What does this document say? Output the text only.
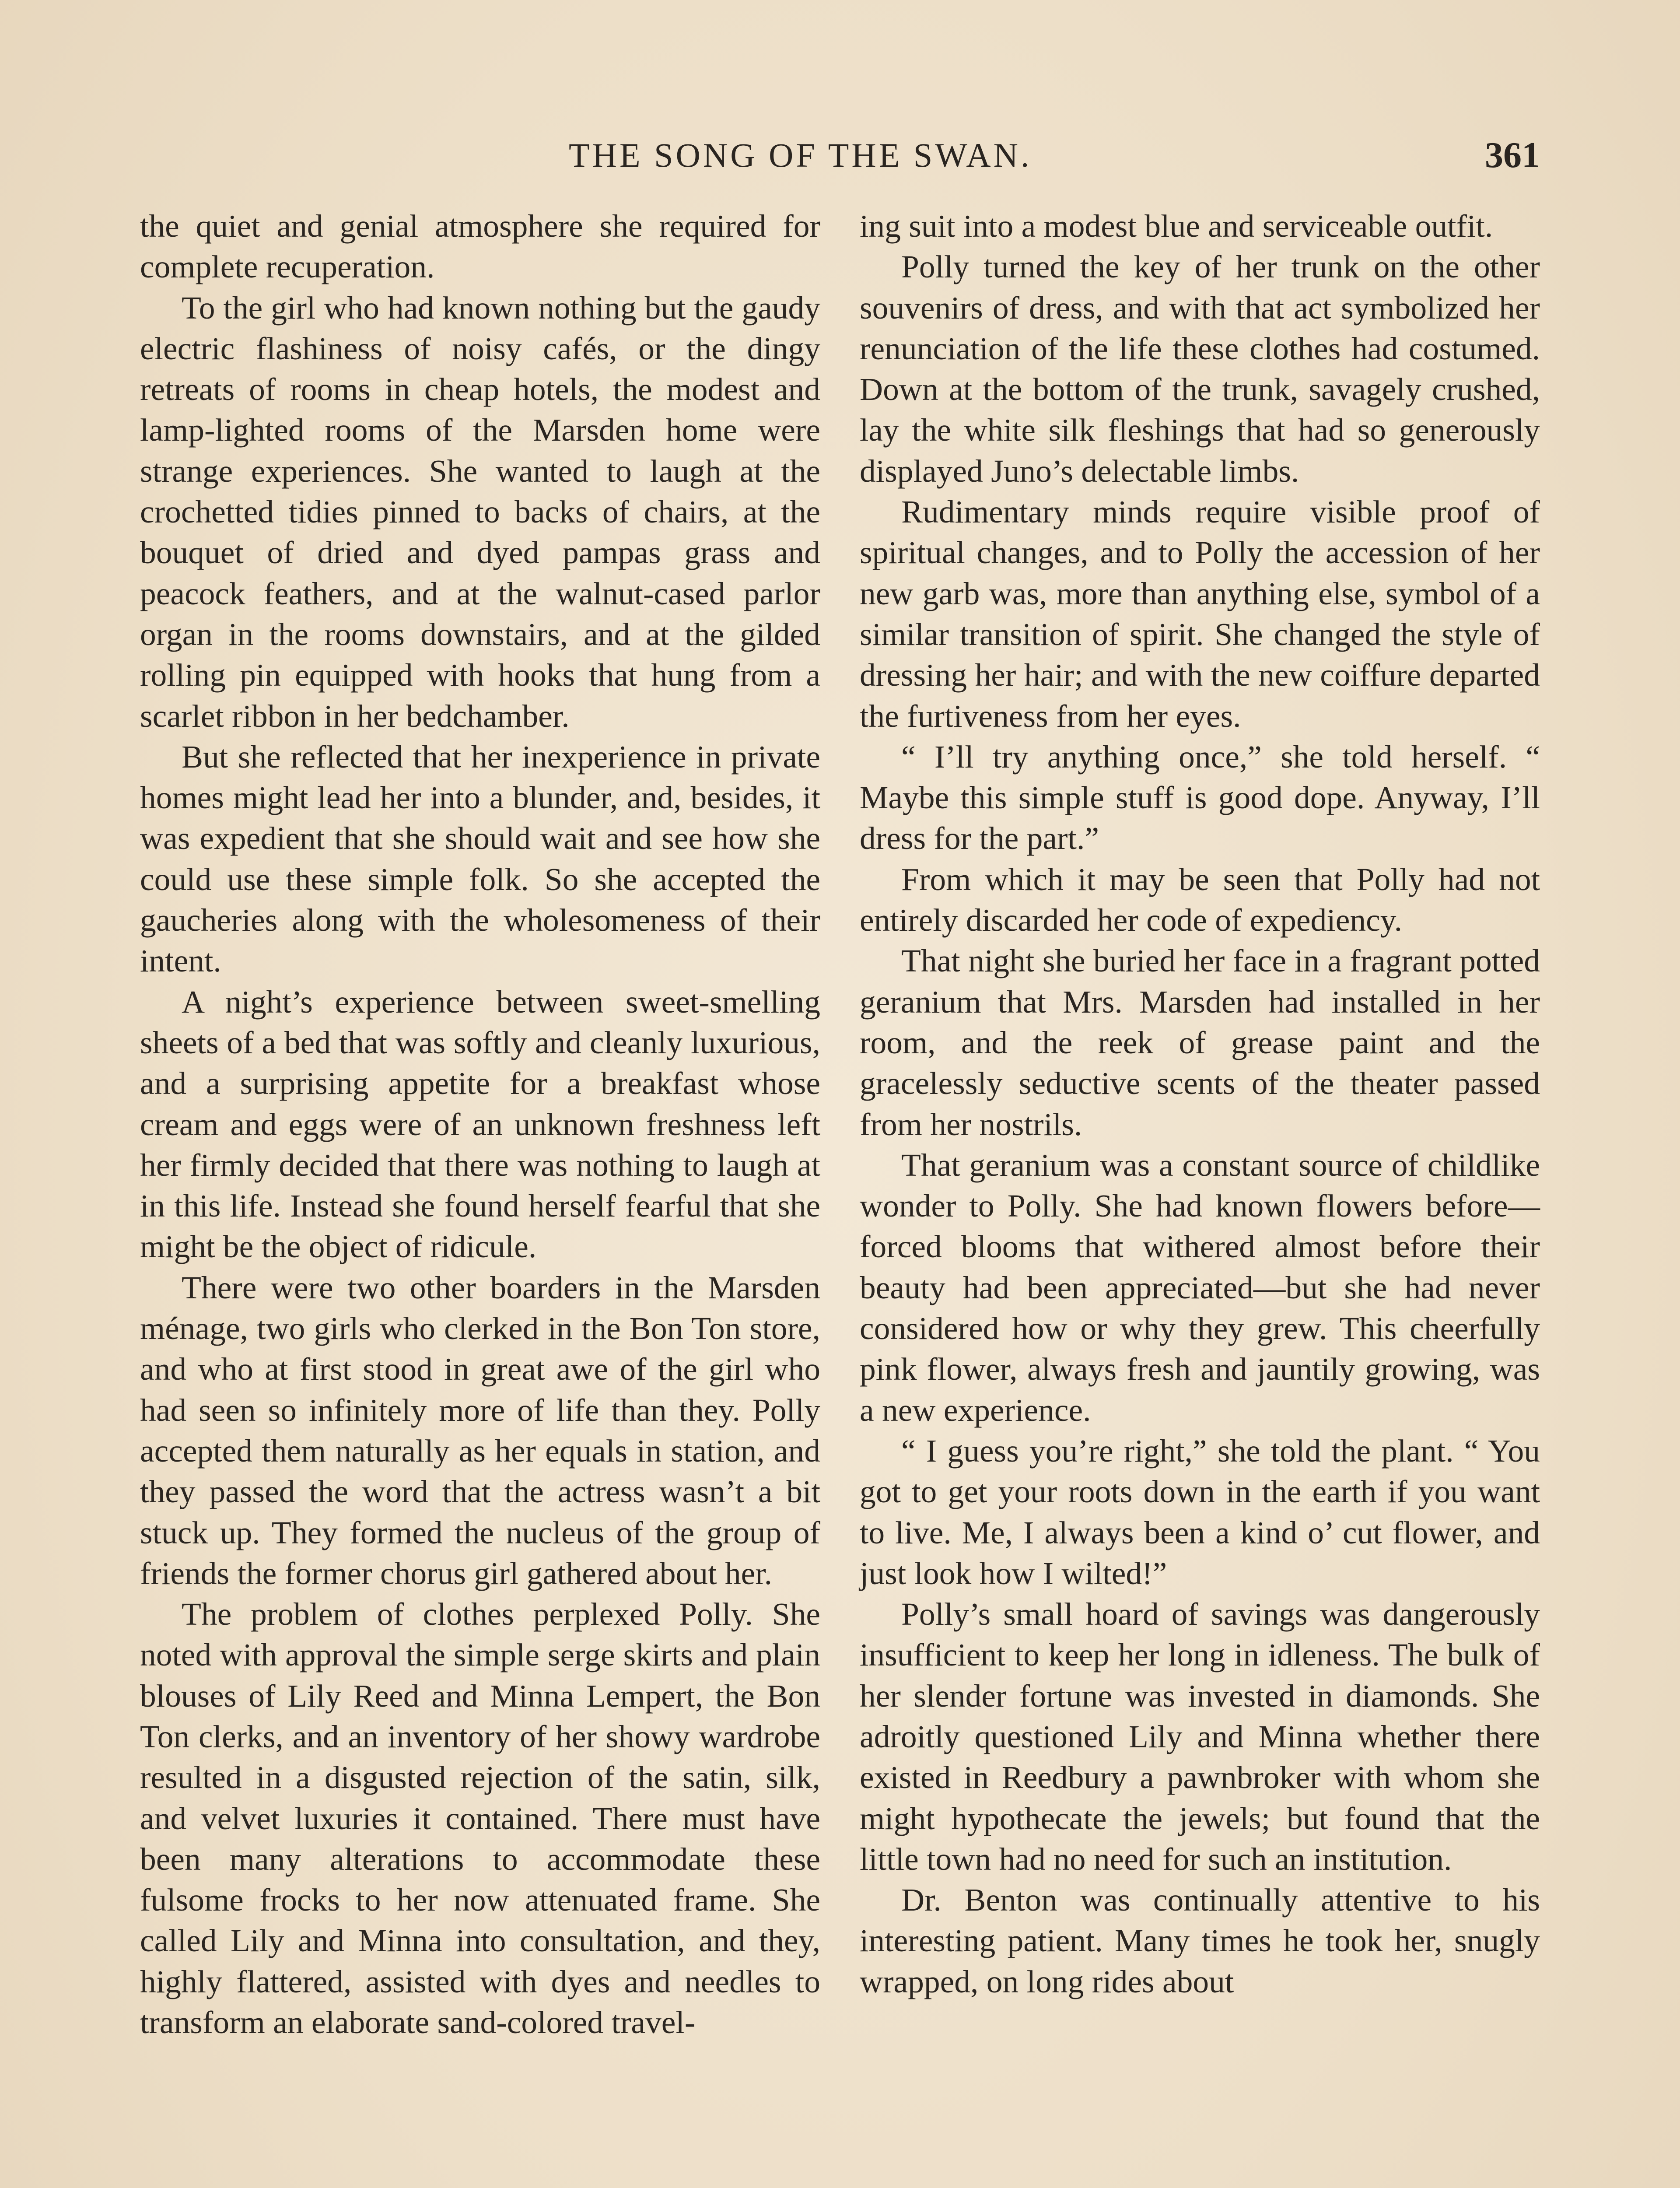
THE SONG OF THE SWAN.	361

the quiet and genial atmosphere she required for complete recuperation.

To the girl who had known nothing but the gaudy electric flashiness of noisy cafés, or the dingy retreats of rooms in cheap hotels, the modest and lamp-lighted rooms of the Marsden home were strange experiences. She wanted to laugh at the crochetted tidies pinned to backs of chairs, at the bouquet of dried and dyed pampas grass and peacock feathers, and at the walnut-cased parlor organ in the rooms downstairs, and at the gilded rolling pin equipped with hooks that hung from a scarlet ribbon in her bedchamber.

But she reflected that her inexperience in private homes might lead her into a blunder, and, besides, it was expedient that she should wait and see how she could use these simple folk. So she accepted the gaucheries along with the wholesomeness of their intent.

A night’s experience between sweet-smelling sheets of a bed that was softly and cleanly luxurious, and a surprising appetite for a breakfast whose cream and eggs were of an unknown freshness left her firmly decided that there was nothing to laugh at in this life. Instead she found herself fearful that she might be the object of ridicule.

There were two other boarders in the Marsden ménage, two girls who clerked in the Bon Ton store, and who at first stood in great awe of the girl who had seen so infinitely more of life than they. Polly accepted them naturally as her equals in station, and they passed the word that the actress wasn’t a bit stuck up. They formed the nucleus of the group of friends the former chorus girl gathered about her.

The problem of clothes perplexed Polly. She noted with approval the simple serge skirts and plain blouses of Lily Reed and Minna Lempert, the Bon Ton clerks, and an inventory of her showy wardrobe resulted in a disgusted rejection of the satin, silk, and velvet luxuries it contained. There must have been many alterations to accommodate these fulsome frocks to her now attenuated frame. She called Lily and Minna into consultation, and they, highly flattered, assisted with dyes and needles to transform an elaborate sand-colored travel-

ing suit into a modest blue and serviceable outfit.

Polly turned the key of her trunk on the other souvenirs of dress, and with that act symbolized her renunciation of the life these clothes had costumed. Down at the bottom of the trunk, savagely crushed, lay the white silk fleshings that had so generously displayed Juno’s delectable limbs.

Rudimentary minds require visible proof of spiritual changes, and to Polly the accession of her new garb was, more than anything else, symbol of a similar transition of spirit. She changed the style of dressing her hair; and with the new coiffure departed the furtiveness from her eyes.

“ I’ll try anything once,” she told herself. “ Maybe this simple stuff is good dope. Anyway, I’ll dress for the part.”

From which it may be seen that Polly had not entirely discarded her code of expediency.

That night she buried her face in a fragrant potted geranium that Mrs. Marsden had installed in her room, and the reek of grease paint and the gracelessly seductive scents of the theater passed from her nostrils.

That geranium was a constant source of childlike wonder to Polly. She had known flowers before—forced blooms that withered almost before their beauty had been appreciated—but she had never considered how or why they grew. This cheerfully pink flower, always fresh and jauntily growing, was a new experience.

“ I guess you’re right,” she told the plant. “ You got to get your roots down in the earth if you want to live. Me, I always been a kind o’ cut flower, and just look how I wilted!”

Polly’s small hoard of savings was dangerously insufficient to keep her long in idleness. The bulk of her slender fortune was invested in diamonds. She adroitly questioned Lily and Minna whether there existed in Reedbury a pawnbroker with whom she might hypothecate the jewels; but found that the little town had no need for such an institution.

Dr. Benton was continually attentive to his interesting patient. Many times he took her, snugly wrapped, on long rides about
